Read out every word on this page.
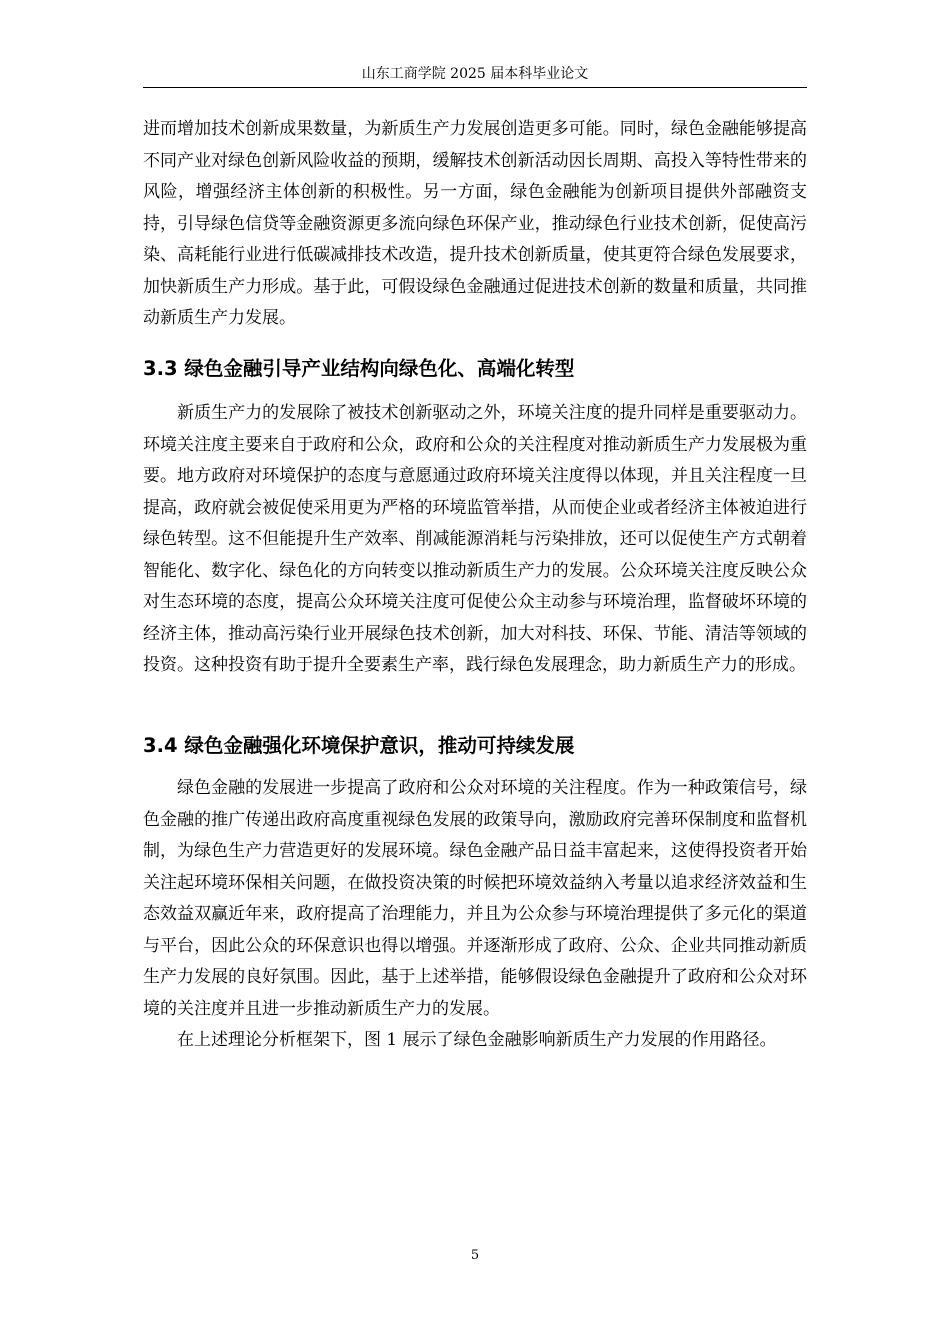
山东工商学院 2025 届本科毕业论文

进而增加技术创新成果数量，为新质生产力发展创造更多可能。同时，绿色金融能够提高不同产业对绿色创新风险收益的预期，缓解技术创新活动因长周期、高投入等特性带来的风险，增强经济主体创新的积极性。另一方面，绿色金融能为创新项目提供外部融资支持，引导绿色信贷等金融资源更多流向绿色环保产业，推动绿色行业技术创新，促使高污染、高耗能行业进行低碳减排技术改造，提升技术创新质量，使其更符合绿色发展要求，加快新质生产力形成。基于此，可假设绿色金融通过促进技术创新的数量和质量，共同推动新质生产力发展。

3.3 绿色金融引导产业结构向绿色化、高端化转型

新质生产力的发展除了被技术创新驱动之外，环境关注度的提升同样是重要驱动力。环境关注度主要来自于政府和公众，政府和公众的关注程度对推动新质生产力发展极为重要。地方政府对环境保护的态度与意愿通过政府环境关注度得以体现，并且关注程度一旦提高，政府就会被促使采用更为严格的环境监管举措，从而使企业或者经济主体被迫进行绿色转型。这不但能提升生产效率、削减能源消耗与污染排放，还可以促使生产方式朝着智能化、数字化、绿色化的方向转变以推动新质生产力的发展。公众环境关注度反映公众对生态环境的态度，提高公众环境关注度可促使公众主动参与环境治理，监督破坏环境的经济主体，推动高污染行业开展绿色技术创新，加大对科技、环保、节能、清洁等领域的投资。这种投资有助于提升全要素生产率，践行绿色发展理念，助力新质生产力的形成。

3.4 绿色金融强化环境保护意识，推动可持续发展

绿色金融的发展进一步提高了政府和公众对环境的关注程度。作为一种政策信号，绿色金融的推广传递出政府高度重视绿色发展的政策导向，激励政府完善环保制度和监督机制，为绿色生产力营造更好的发展环境。绿色金融产品日益丰富起来，这使得投资者开始关注起环境环保相关问题，在做投资决策的时候把环境效益纳入考量以追求经济效益和生态效益双赢近年来，政府提高了治理能力，并且为公众参与环境治理提供了多元化的渠道与平台，因此公众的环保意识也得以增强。并逐渐形成了政府、公众、企业共同推动新质生产力发展的良好氛围。因此，基于上述举措，能够假设绿色金融提升了政府和公众对环境的关注度并且进一步推动新质生产力的发展。

在上述理论分析框架下，图 1 展示了绿色金融影响新质生产力发展的作用路径。

5
